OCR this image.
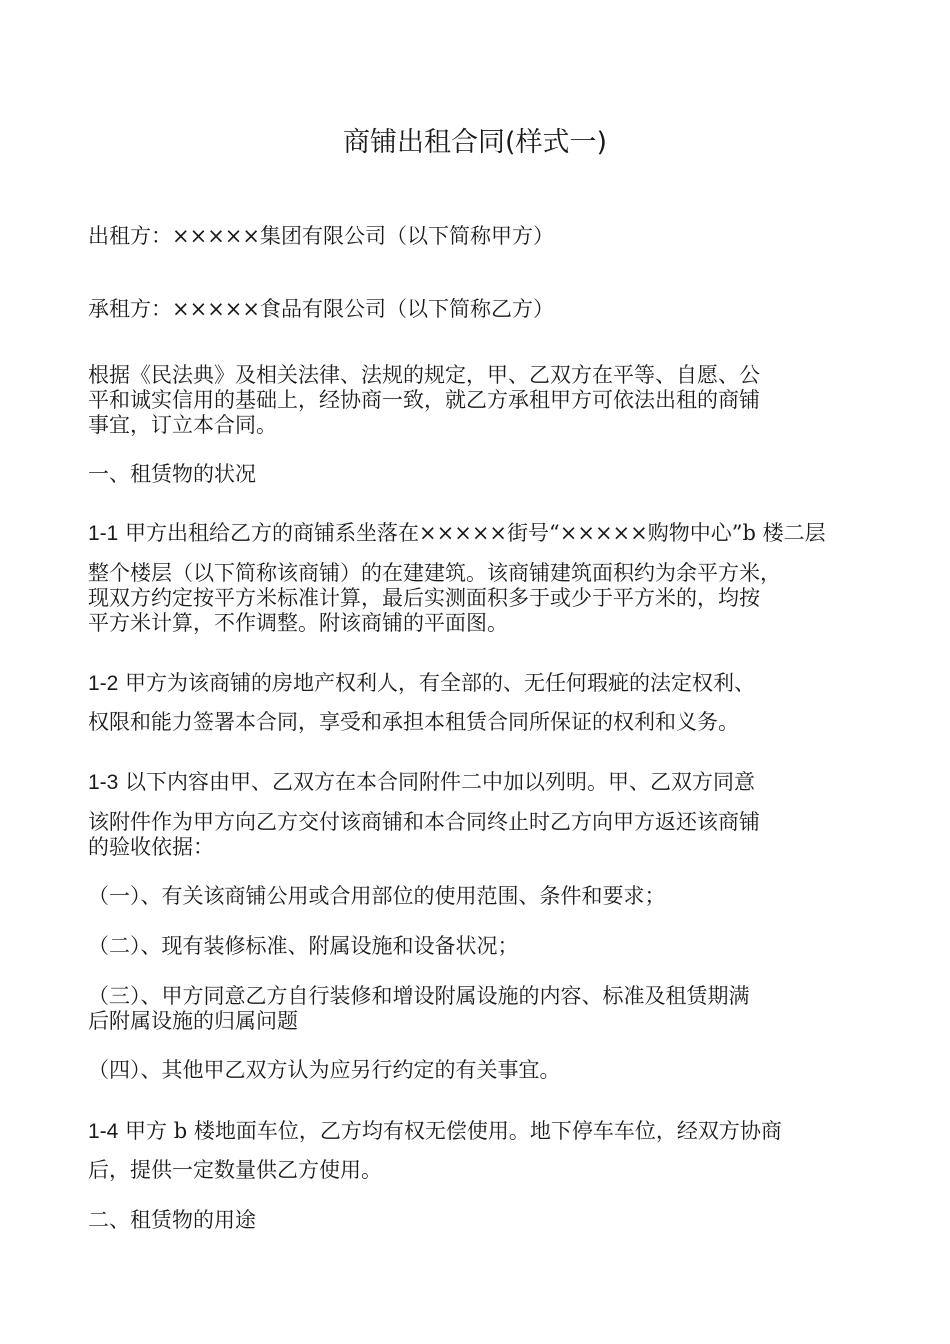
商铺出租合同(样式一)

出租方：×××××集团有限公司（以下简称甲方）

承租方：×××××食品有限公司（以下简称乙方）

根据《民法典》及相关法律、法规的规定，甲、乙双方在平等、自愿、公

平和诚实信用的基础上，经协商一致，就乙方承租甲方可依法出租的商铺

事宜，订立本合同。

一、租赁物的状况

1-1 甲方出租给乙方的商铺系坐落在×××××街号“×××××购物中心”b 楼二层

整个楼层（以下简称该商铺）的在建建筑。该商铺建筑面积约为余平方米，

现双方约定按平方米标准计算，最后实测面积多于或少于平方米的，均按

平方米计算，不作调整。附该商铺的平面图。

1-2 甲方为该商铺的房地产权利人，有全部的、无任何瑕疵的法定权利、

权限和能力签署本合同，享受和承担本租赁合同所保证的权利和义务。

1-3 以下内容由甲、乙双方在本合同附件二中加以列明。甲、乙双方同意

该附件作为甲方向乙方交付该商铺和本合同终止时乙方向甲方返还该商铺

的验收依据：

（一）、有关该商铺公用或合用部位的使用范围、条件和要求；

（二）、现有装修标准、附属设施和设备状况；

（三）、甲方同意乙方自行装修和增设附属设施的内容、标准及租赁期满

后附属设施的归属问题

（四）、其他甲乙双方认为应另行约定的有关事宜。

1-4 甲方 b 楼地面车位，乙方均有权无偿使用。地下停车车位，经双方协商

后，提供一定数量供乙方使用。

二、租赁物的用途
